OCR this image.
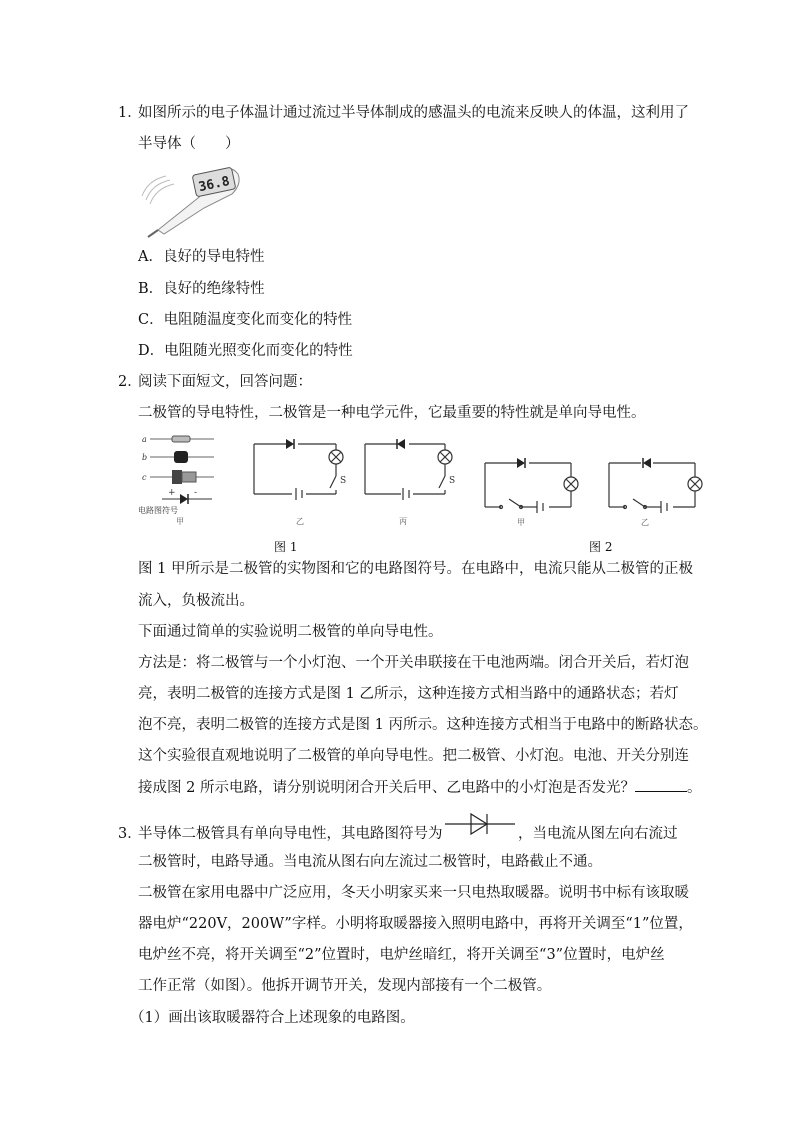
1．
如图所示的电子体温计通过流过半导体制成的感温头的电流来反映人的体温，这利用了
半导体（　　）
36.8
A．良好的导电特性
B．良好的绝缘特性
C．电阻随温度变化而变化的特性
D．电阻随光照变化而变化的特性
2．
阅读下面短文，回答问题：
二极管的导电特性，二极管是一种电学元件，它最重要的特性就是单向导电性。
a
b
c
+ -
电路图符号
甲
S
乙
S
丙	甲	乙
图 1	图 2
图 1 甲所示是二极管的实物图和它的电路图符号。在电路中，电流只能从二极管的正极
流入，负极流出。
下面通过简单的实验说明二极管的单向导电性。
方法是：将二极管与一个小灯泡、一个开关串联接在干电池两端。闭合开关后，若灯泡
亮，表明二极管的连接方式是图 1 乙所示，这种连接方式相当路中的通路状态；若灯
泡不亮，表明二极管的连接方式是图 1 丙所示。这种连接方式相当于电路中的断路状态。
这个实验很直观地说明了二极管的单向导电性。把二极管、小灯泡。电池、开关分别连
接成图 2 所示电路，请分别说明闭合开关后甲、乙电路中的小灯泡是否发光？	。
3．
半导体二极管具有单向导电性，其电路图符号为	，当电流从图左向右流过
二极管时，电路导通。当电流从图右向左流过二极管时，电路截止不通。
二极管在家用电器中广泛应用，冬天小明家买来一只电热取暖器。说明书中标有该取暖
器电炉“220V，200W”字样。小明将取暖器接入照明电路中，再将开关调至“1”位置，
电炉丝不亮，将开关调至“2”位置时，电炉丝暗红，将开关调至“3”位置时，电炉丝
工作正常（如图）。他拆开调节开关，发现内部接有一个二极管。
（1）画出该取暖器符合上述现象的电路图。
